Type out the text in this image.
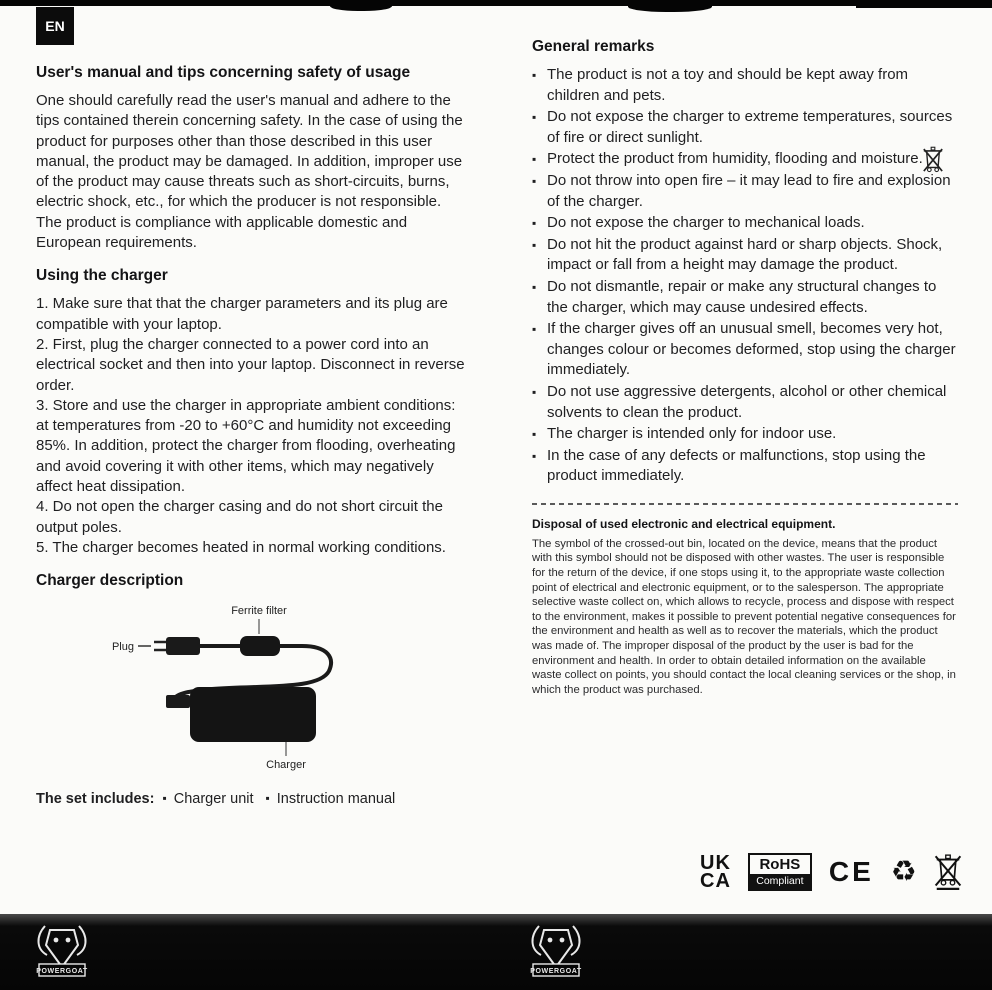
EN
User's manual and tips concerning safety of usage

One should carefully read the user's manual and adhere to the tips contained therein concerning safety. In the case of using the product for purposes other than those described in this user manual, the product may be damaged. In addition, improper use of the product may cause threats such as short-circuits, burns, electric shock, etc., for which the producer is not responsible. The product is compliance with applicable domestic and European requirements.

Using the charger
1. Make sure that that the charger parameters and its plug are compatible with your laptop.
2. First, plug the charger connected to a power cord into an electrical socket and then into your laptop. Disconnect in reverse order.
3. Store and use the charger in appropriate ambient conditions: at temperatures from -20 to +60°C and humidity not exceeding 85%. In addition, protect the charger from flooding, overheating and avoid covering it with other items, which may negatively affect heat dissipation.
4. Do not open the charger casing and do not short circuit the output poles.
5. The charger becomes heated in normal working conditions.
Charger description
Ferrite filter
Plug
Charger
The set includes: ▪ Charger unit ▪ Instruction manual
General remarks
▪ The product is not a toy and should be kept away from children and pets.
▪ Do not expose the charger to extreme temperatures, sources of fire or direct sunlight.
▪ Protect the product from humidity, flooding and moisture.
▪ Do not throw into open fire – it may lead to fire and explosion of the charger.
▪ Do not expose the charger to mechanical loads.
▪ Do not hit the product against hard or sharp objects. Shock, impact or fall from a height may damage the product.
▪ Do not dismantle, repair or make any structural changes to the charger, which may cause undesired effects.
▪ If the charger gives off an unusual smell, becomes very hot, changes colour or becomes deformed, stop using the charger immediately.
▪ Do not use aggressive detergents, alcohol or other chemical solvents to clean the product.
▪ The charger is intended only for indoor use.
▪ In the case of any defects or malfunctions, stop using the product immediately.
Disposal of used electronic and electrical equipment.

The symbol of the crossed-out bin, located on the device, means that the product with this symbol should not be disposed with other wastes. The user is responsible for the return of the device, if one stops using it, to the appropriate waste collection point of electrical and electronic equipment, or to the salesperson. The appropriate selective waste collect on, which allows to recycle, process and dispose with respect to the environment, makes it possible to prevent potential negative consequences for the environment and health as well as to recover the materials, which the product was made of. The improper disposal of the product by the user is bad for the environment and health. In order to obtain detailed information on the available waste collect on points, you should contact the local cleaning services or the shop, in which the product was purchased.

UK
CA
RoHS
Compliant CE ♻
POWERGOAT	POWERGOAT
